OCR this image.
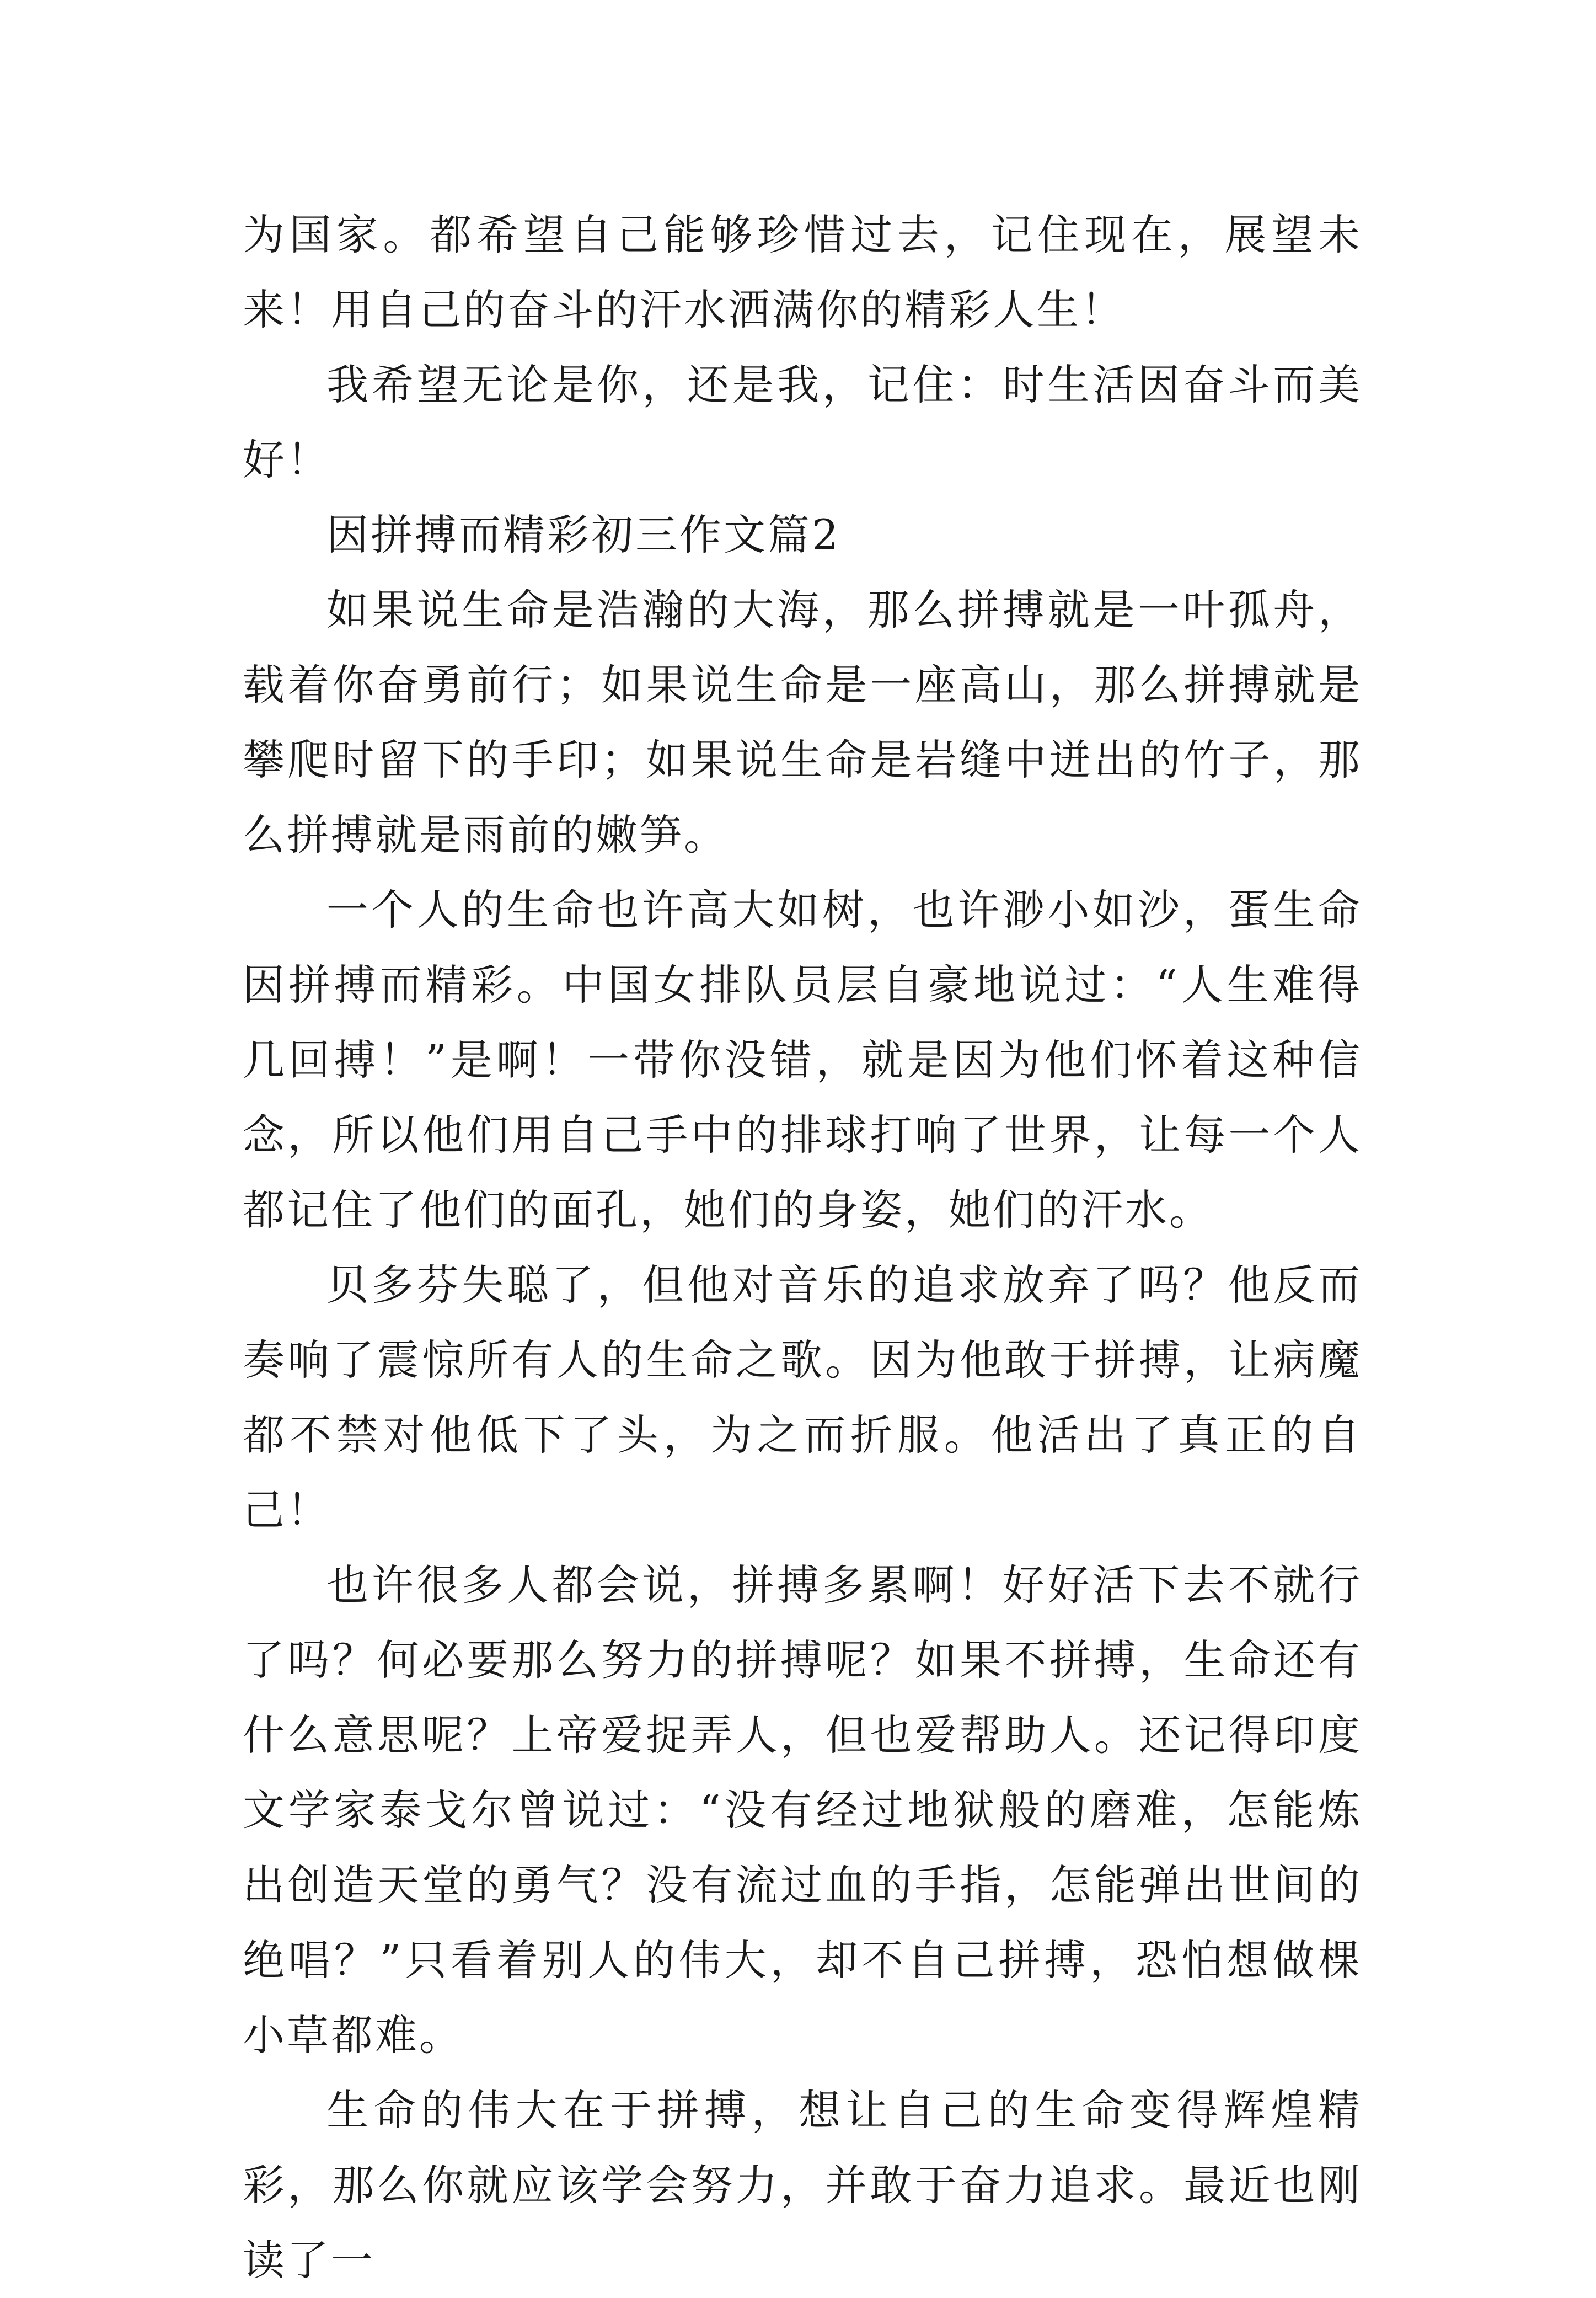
为国家。都希望自己能够珍惜过去，记住现在，展望未来！用自己的奋斗的汗水洒满你的精彩人生！

我希望无论是你，还是我，记住：时生活因奋斗而美好！

因拼搏而精彩初三作文篇2

如果说生命是浩瀚的大海，那么拼搏就是一叶孤舟，载着你奋勇前行；如果说生命是一座高山，那么拼搏就是攀爬时留下的手印；如果说生命是岩缝中迸出的竹子，那么拼搏就是雨前的嫩笋。

一个人的生命也许高大如树，也许渺小如沙，蛋生命因拼搏而精彩。中国女排队员层自豪地说过：“人生难得几回搏！”是啊！一带你没错，就是因为他们怀着这种信念，所以他们用自己手中的排球打响了世界，让每一个人都记住了他们的面孔，她们的身姿，她们的汗水。

贝多芬失聪了，但他对音乐的追求放弃了吗？他反而奏响了震惊所有人的生命之歌。因为他敢于拼搏，让病魔都不禁对他低下了头，为之而折服。他活出了真正的自己！

也许很多人都会说，拼搏多累啊！好好活下去不就行了吗？何必要那么努力的拼搏呢？如果不拼搏，生命还有什么意思呢？上帝爱捉弄人，但也爱帮助人。还记得印度文学家泰戈尔曾说过：“没有经过地狱般的磨难，怎能炼出创造天堂的勇气？没有流过血的手指，怎能弹出世间的绝唱？”只看着别人的伟大，却不自己拼搏，恐怕想做棵小草都难。

生命的伟大在于拼搏，想让自己的生命变得辉煌精彩，那么你就应该学会努力，并敢于奋力追求。最近也刚读了一
